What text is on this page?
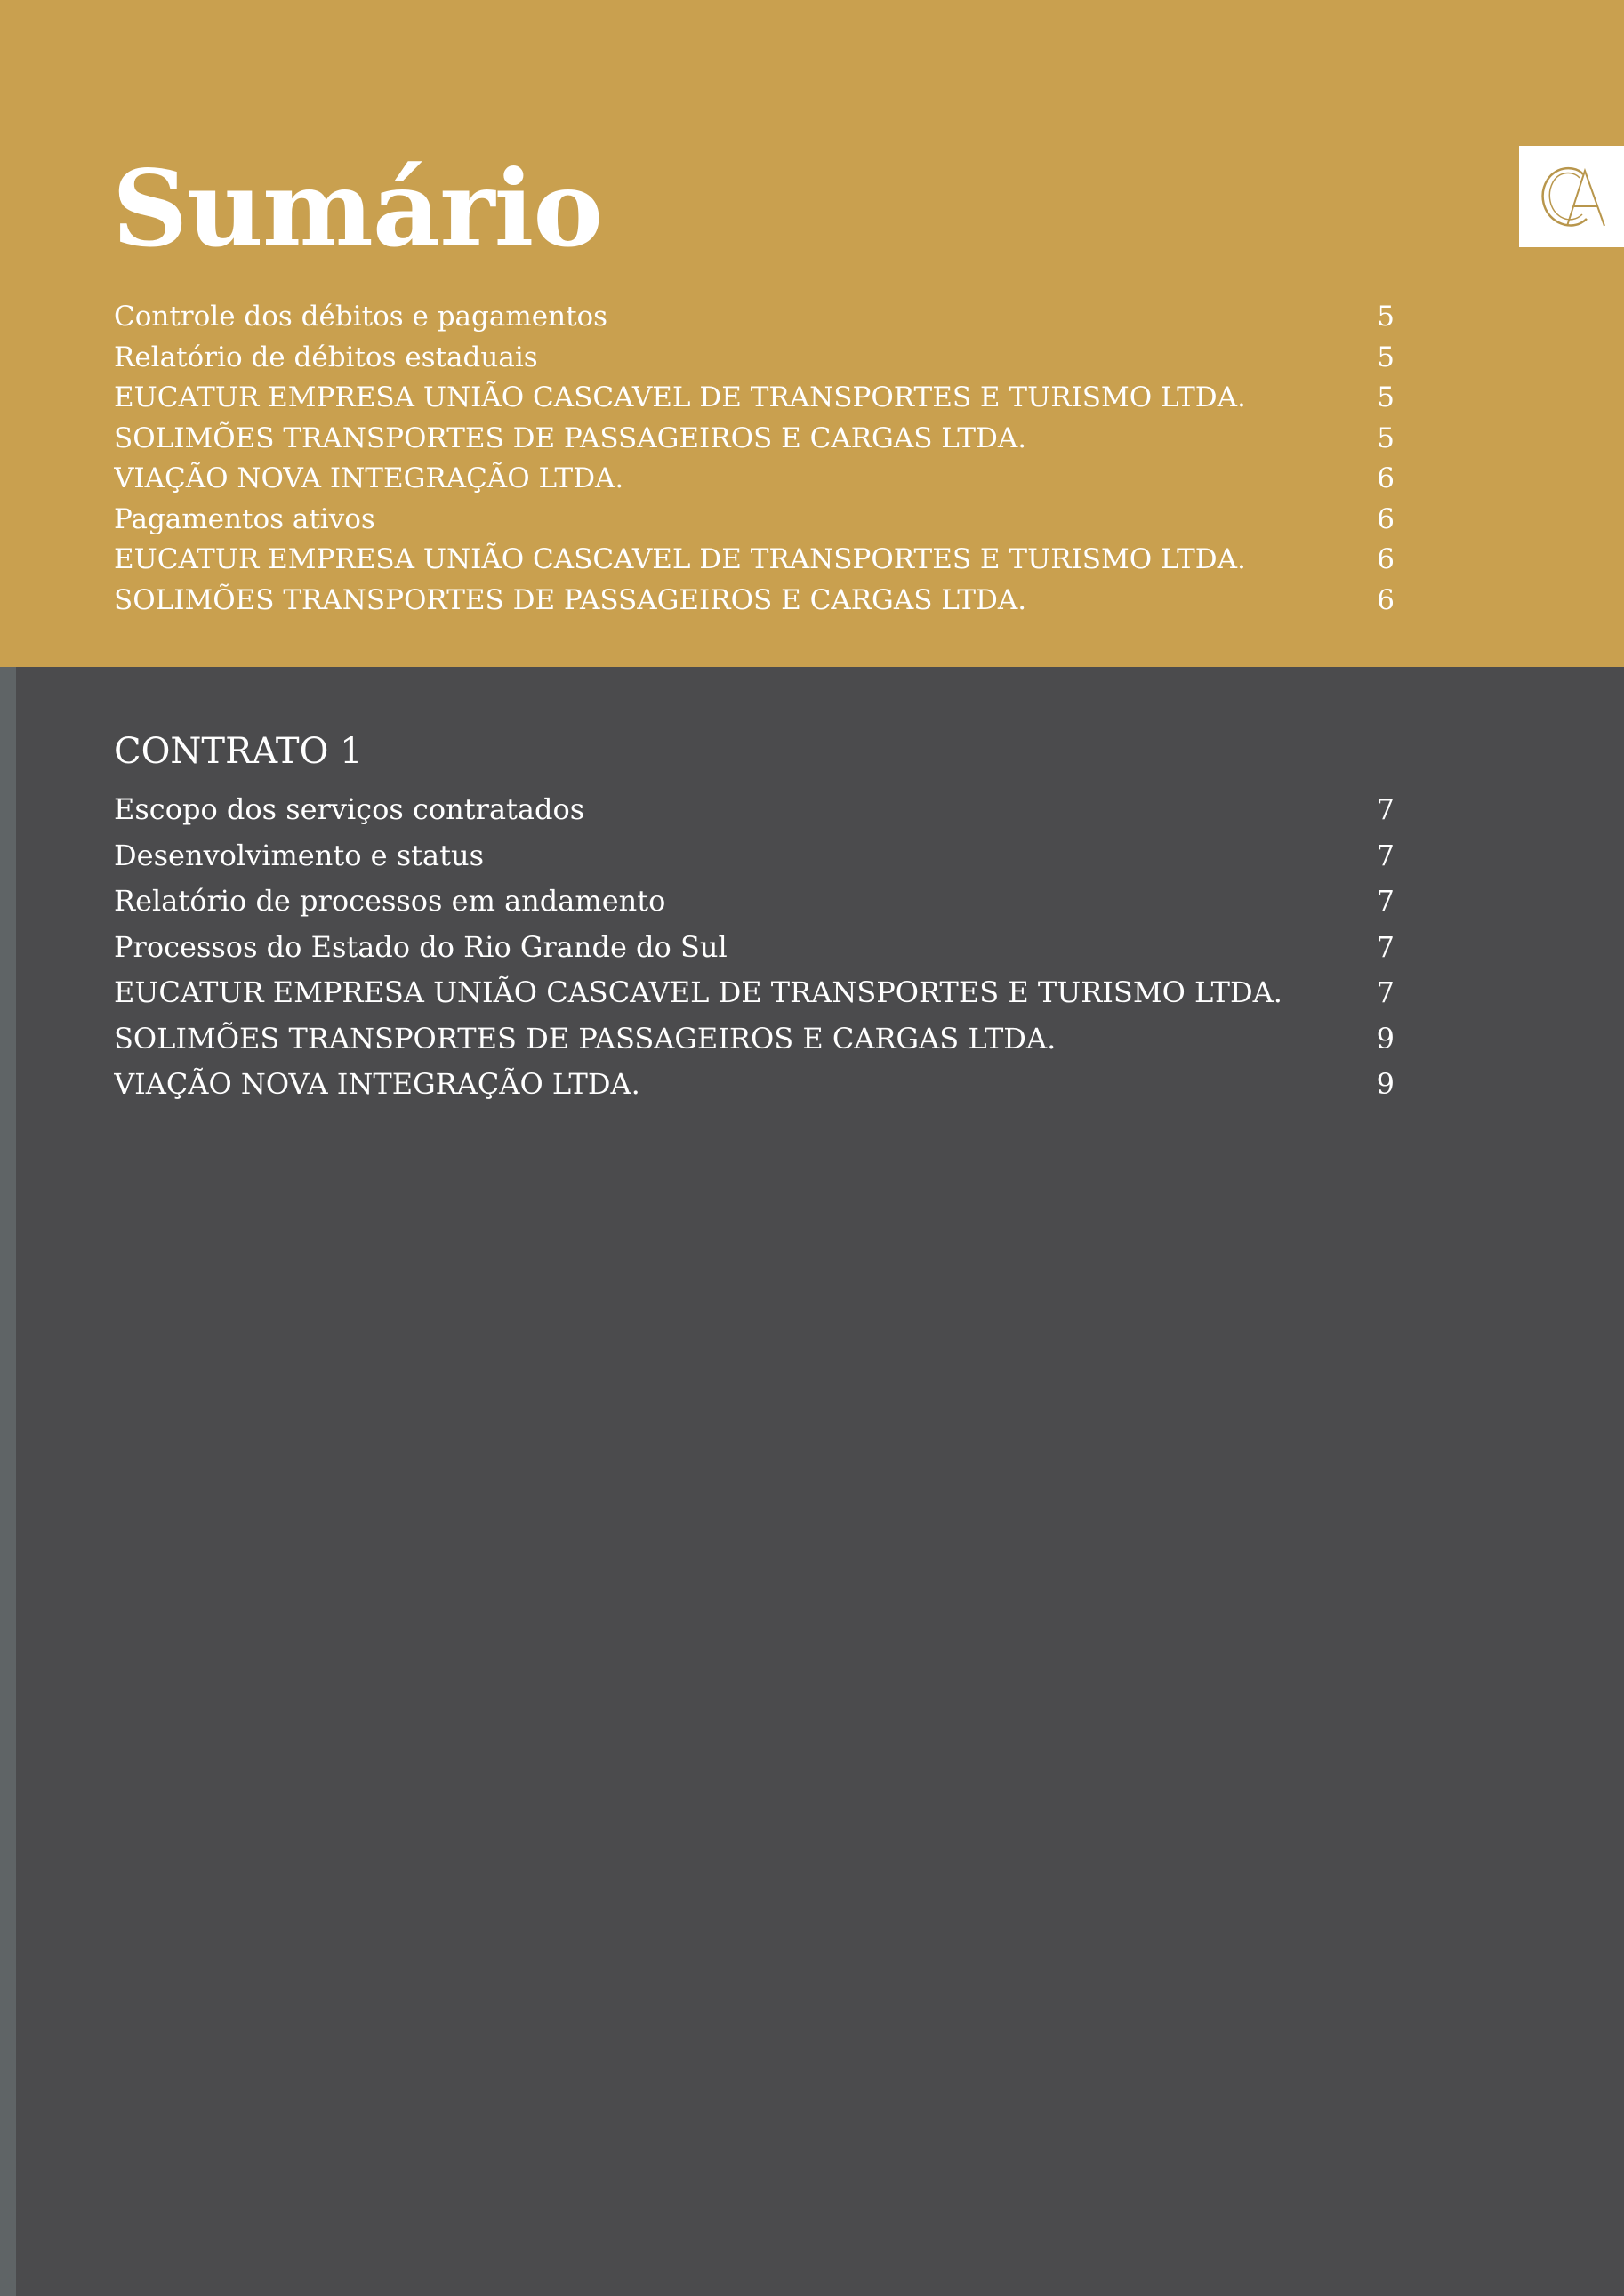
Sumário
Controle dos débitos e pagamentos	5
Relatório de débitos estaduais	5
EUCATUR EMPRESA UNIÃO CASCAVEL DE TRANSPORTES E TURISMO LTDA.	5
SOLIMÕES TRANSPORTES DE PASSAGEIROS E CARGAS LTDA.	5
VIAÇÃO NOVA INTEGRAÇÃO LTDA.	6
Pagamentos ativos	6
EUCATUR EMPRESA UNIÃO CASCAVEL DE TRANSPORTES E TURISMO LTDA.	6
SOLIMÕES TRANSPORTES DE PASSAGEIROS E CARGAS LTDA.	6
CONTRATO 1
Escopo dos serviços contratados	7
Desenvolvimento e status	7
Relatório de processos em andamento	7
Processos do Estado do Rio Grande do Sul	7
EUCATUR EMPRESA UNIÃO CASCAVEL DE TRANSPORTES E TURISMO LTDA.	7
SOLIMÕES TRANSPORTES DE PASSAGEIROS E CARGAS LTDA.	9
VIAÇÃO NOVA INTEGRAÇÃO LTDA.	9
